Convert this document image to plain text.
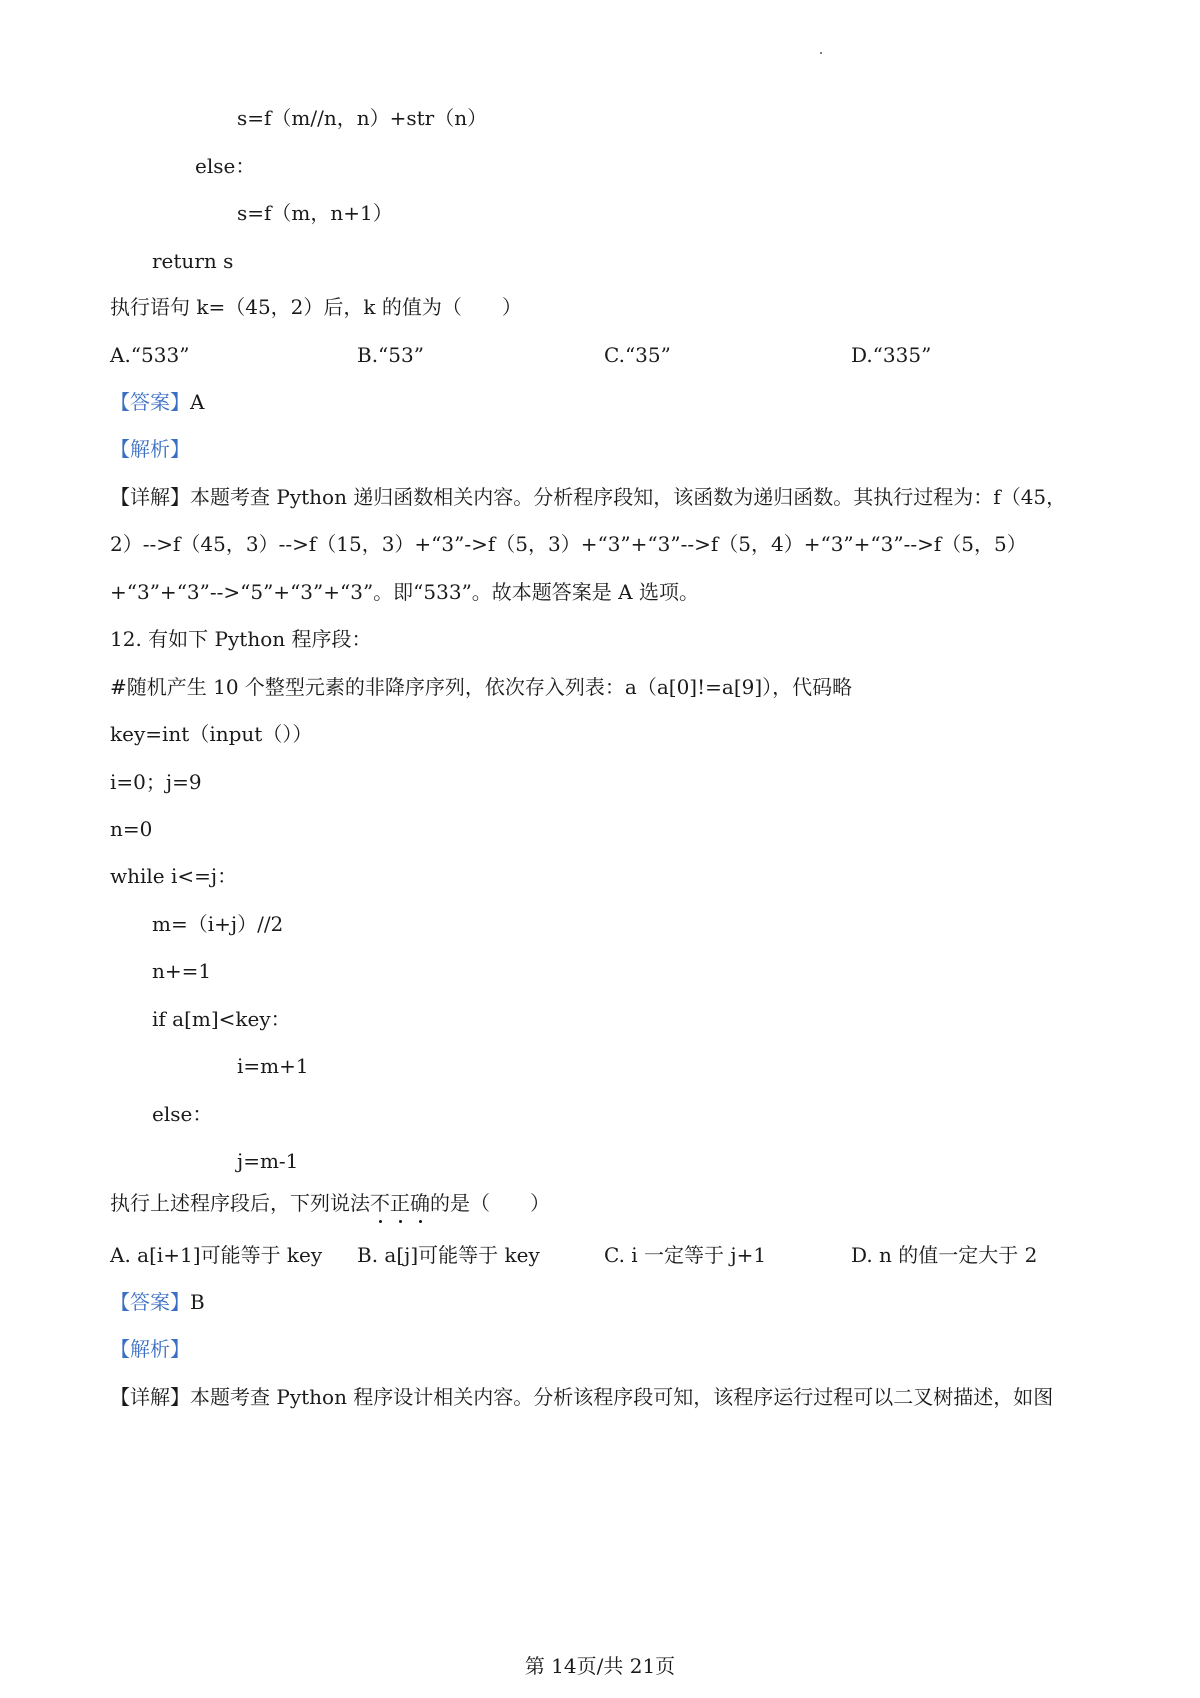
s=f（m//n，n）+str（n）
else：
s=f（m，n+1）
return s
执行语句 k=（45，2）后，k 的值为（　　）
A.“533”	B.“53”	C.“35”	D.“335”
【答案】A
【解析】
【详解】本题考查 Python 递归函数相关内容。分析程序段知，该函数为递归函数。其执行过程为：f（45，
2）-->f（45，3）-->f（15，3）+“3”->f（5，3）+“3”+“3”-->f（5，4）+“3”+“3”-->f（5，5）
+“3”+“3”-->“5”+“3”+“3”。即“533”。故本题答案是 A 选项。
12. 有如下 Python 程序段：
#随机产生 10 个整型元素的非降序序列，依次存入列表：a（a[0]!=a[9]），代码略
key=int（input（））
i=0；j=9
n=0
while i<=j：
m=（i+j）//2
n+=1
if a[m]<key：
i=m+1
else：
j=m-1
执行上述程序段后，下列说法不正确的是（　　）
A. a[i+1]可能等于 key B. a[j]可能等于 key	C. i 一定等于 j+1	D. n 的值一定大于 2
【答案】B
【解析】
【详解】本题考查 Python 程序设计相关内容。分析该程序段可知，该程序运行过程可以二叉树描述，如图
第 14页/共 21页
